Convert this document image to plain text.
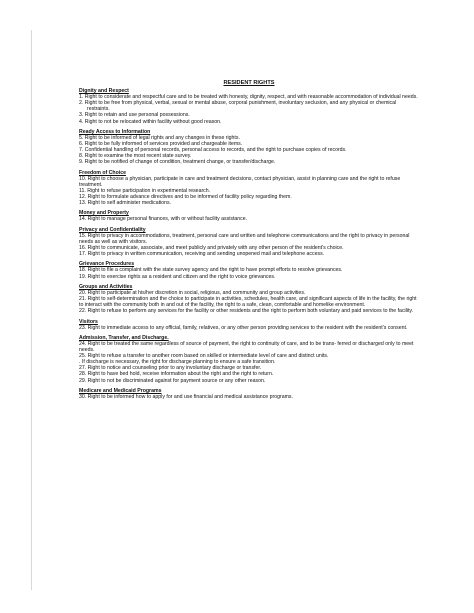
RESIDENT RIGHTS
Dignity and Respect
1. Right to considerate and respectful care and to be treated with honesty, dignity, respect, and with reasonable accommodation of individual needs.
2. Right to be free from physical, verbal, sexual or mental abuse, corporal punishment, involuntary seclusion, and any physical or chemical restraints.
3. Right to retain and use personal possessions.
4. Right to not be relocated within facility without good reason.
Ready Access to Information
5. Right to be informed of legal rights and any changes in these rights.
6. Right to be fully informed of services provided and chargeable items.
7. Confidential handling of personal records, personal access to records, and the right to purchase copies of records.
8. Right to examine the most recent state survey.
9. Right to be notified of change of condition, treatment change, or transfer/discharge.
Freedom of Choice
10. Right to choose a physician, participate in care and treatment decisions, contact physician, assist in planning care and the right to refuse treatment.
11. Right to refuse participation in experimental research.
12. Right to formulate advance directives and to be informed of facility policy regarding them.
13. Right to self administer medications.
Money and Property
14. Right to manage personal finances, with or without facility assistance.
Privacy and Confidentiality
15. Right to privacy in accommodations, treatment, personal care and written and telephone communications and the right to privacy in personal needs as well as with visitors.
16. Right to communicate, associate, and meet publicly and privately with any other person of the resident's choice.
17. Right to privacy in written communication, receiving and sending unopened mail and telephone access.
Grievance Procedures
18. Right to file a complaint with the state survey agency and the right to have prompt efforts to resolve grievances.
19. Right to exercise rights as a resident and citizen and the right to voice grievances.
Groups and Activities
20. Right to participate at his/her discretion in social, religious, and community and group activities.
21. Right to self-determination and the choice to participate in activities, schedules, health care, and significant aspects of life in the facility, the right to interact with the community both in and out of the facility, the right to a safe, clean, comfortable and homelike environment.
22. Right to refuse to perform any services for the facility or other residents and the right to perform both voluntary and paid services to the facility.
Visitors
23. Right to immediate access to any official, family, relatives, or any other person providing services to the resident with the resident's consent.
Admission, Transfer, and Discharge.
24. Right to be treated the same regardless of source of payment, the right to continuity of care, and to be trans- ferred or discharged only to meet needs.
25. Right to refuse a transfer to another room based on skilled or intermediate level of care and distinct units.
. If discharge is necessary, the right for discharge planning to ensure a safe transition.
27. Right to notice and counseling prior to any involuntary discharge or transfer.
28. Right to have bed hold, receive information about the right and the right to return.
29. Right to not be discriminated against for payment source or any other reason.
Medicare and Medicaid Programs
30. Right to be informed how to apply for and use financial and medical assistance programs.
